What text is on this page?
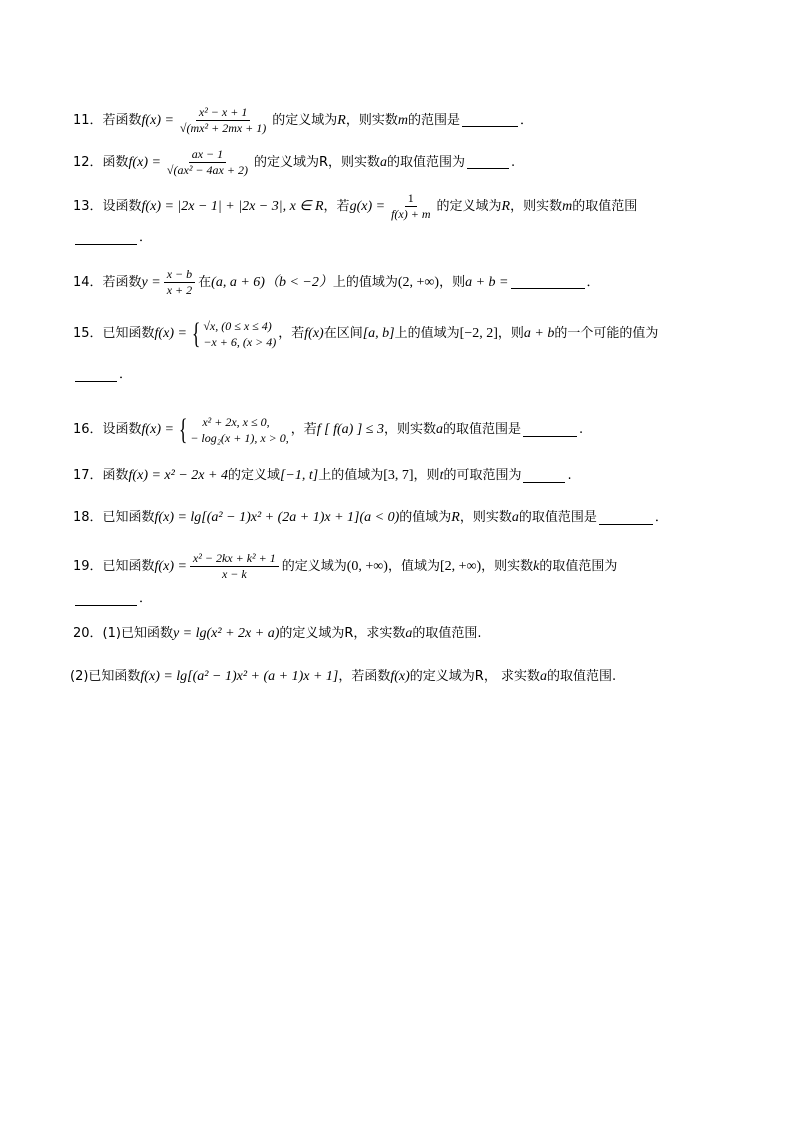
11．若函数 $f(x) = \frac{\text{x² − x + 1}}{\text{√(mx² + 2mx + 1)}}$ 的定义域为 R ，则实数 m 的范围是	．
12．函数 $f(x) = \frac{ax - 1}{\text{√(ax² − 4ax + 2)}}$ 的定义域为R，则实数 a 的取值范围为	.
13．设函数 f(x) = |2x − 1| + |2x − 3|, x ∈ R ，若 $g(x) = \frac{1}{f(x) + m}$ 的定义域为 R ，则实数 m 的取值范围
．
14．若函数 $y = \frac{x - b}{x + 2}$ 在 (a, a + 6) （b < −2） 上的值域为 (2, +∞) ，则 a + b =	．
15．已知函数 f(x) = { √x, (0 ≤ x ≤ 4)
−x + 6, (x > 4)
，若 f(x) 在区间 [a, b] 上的值域为 [−2, 2] ，则 a + b 的一个可能的值为
．
16．设函数 f(x) = {	x² + 2x, x ≤ 0,
− log₂(x + 1), x > 0,
，若 f [ f(a) ] ≤ 3 ，则实数 a 的取值范围是	.
17．函数 f(x) = x² − 2x + 4 的定义域 [−1, t] 上的值域为 [3, 7] ，则 t 的可取范围为	.
18．已知函数 f(x) = lg[(a² − 1)x² + (2a + 1)x + 1] (a < 0) 的值域为 R ，则实数 a 的取值范围是	．
19．已知函数 $f(x) = \frac{\text{x² − 2kx + k² + 1}}{x - k}$ 的定义域为 (0, +∞) ，值域为 [2, +∞) ，则实数 k 的取值范围为
．
20．(1)已知函数 y = lg(x² + 2x + a) 的定义域为R，求实数 a 的取值范围.
(2)已知函数 f(x) = lg[(a² − 1)x² + (a + 1)x + 1] ，若函数 f(x) 的定义域为R， 求实数 a 的取值范围.
